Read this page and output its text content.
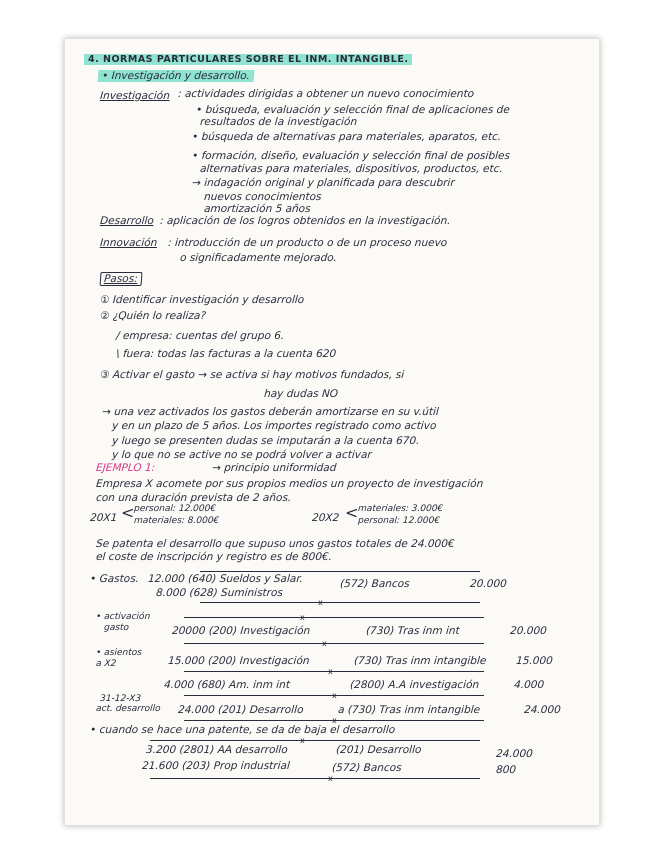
4. NORMAS PARTICULARES SOBRE EL INM. INTANGIBLE.
• Investigación y desarrollo.
Investigación : actividades dirigidas a obtener un nuevo conocimiento
• búsqueda, evaluación y selección final de aplicaciones de
resultados de la investigación
• búsqueda de alternativas para materiales, aparatos, etc.
• formación, diseño, evaluación y selección final de posibles
alternativas para materiales, dispositivos, productos, etc.
→ indagación original y planificada para descubrir
nuevos conocimientos
amortización 5 años
Desarrollo : aplicación de los logros obtenidos en la investigación.
Innovación : introducción de un producto o de un proceso nuevo
o significadamente mejorado.
Pasos:
① Identificar investigación y desarrollo
② ¿Quién lo realiza?
/ empresa: cuentas del grupo 6.
\ fuera: todas las facturas a la cuenta 620
③ Activar el gasto → se activa si hay motivos fundados, si
hay dudas NO
→ una vez activados los gastos deberán amortizarse en su v.útil
y en un plazo de 5 años. Los importes registrado como activo
y luego se presenten dudas se imputarán a la cuenta 670.
y lo que no se active no se podrá volver a activar
EJEMPLO 1:	→ principio uniformidad
Empresa X acomete por sus propios medios un proyecto de investigación
con una duración prevista de 2 años.
20X1 <
personal: 12.000€
materiales: 8.000€	20X2 <
materiales: 3.000€
personal: 12.000€
Se patenta el desarrollo que supuso unos gastos totales de 24.000€
el coste de inscripción y registro es de 800€.
• Gastos. 12.000 (640) Sueldos y Salar.
8.000 (628) Suministros
(572) Bancos	20.000
x
• activación
gasto
x
20000 (200) Investigación	(730) Tras inm int	20.000
x
• asientos
a X2	15.000 (200) Investigación	(730) Tras inm intangible	15.000
x
4.000 (680) Am. inm int	(2800) A.A investigación	4.000
x
31-12-X3
act. desarrollo 24.000 (201) Desarrollo	a (730) Tras inm intangible	24.000
x
• cuando se hace una patente, se da de baja el desarrollo
3.200 (2801) AA desarrollo	(201) Desarrollo	24.000
21.600 (203) Prop industrial	(572) Bancos	800
x
x
